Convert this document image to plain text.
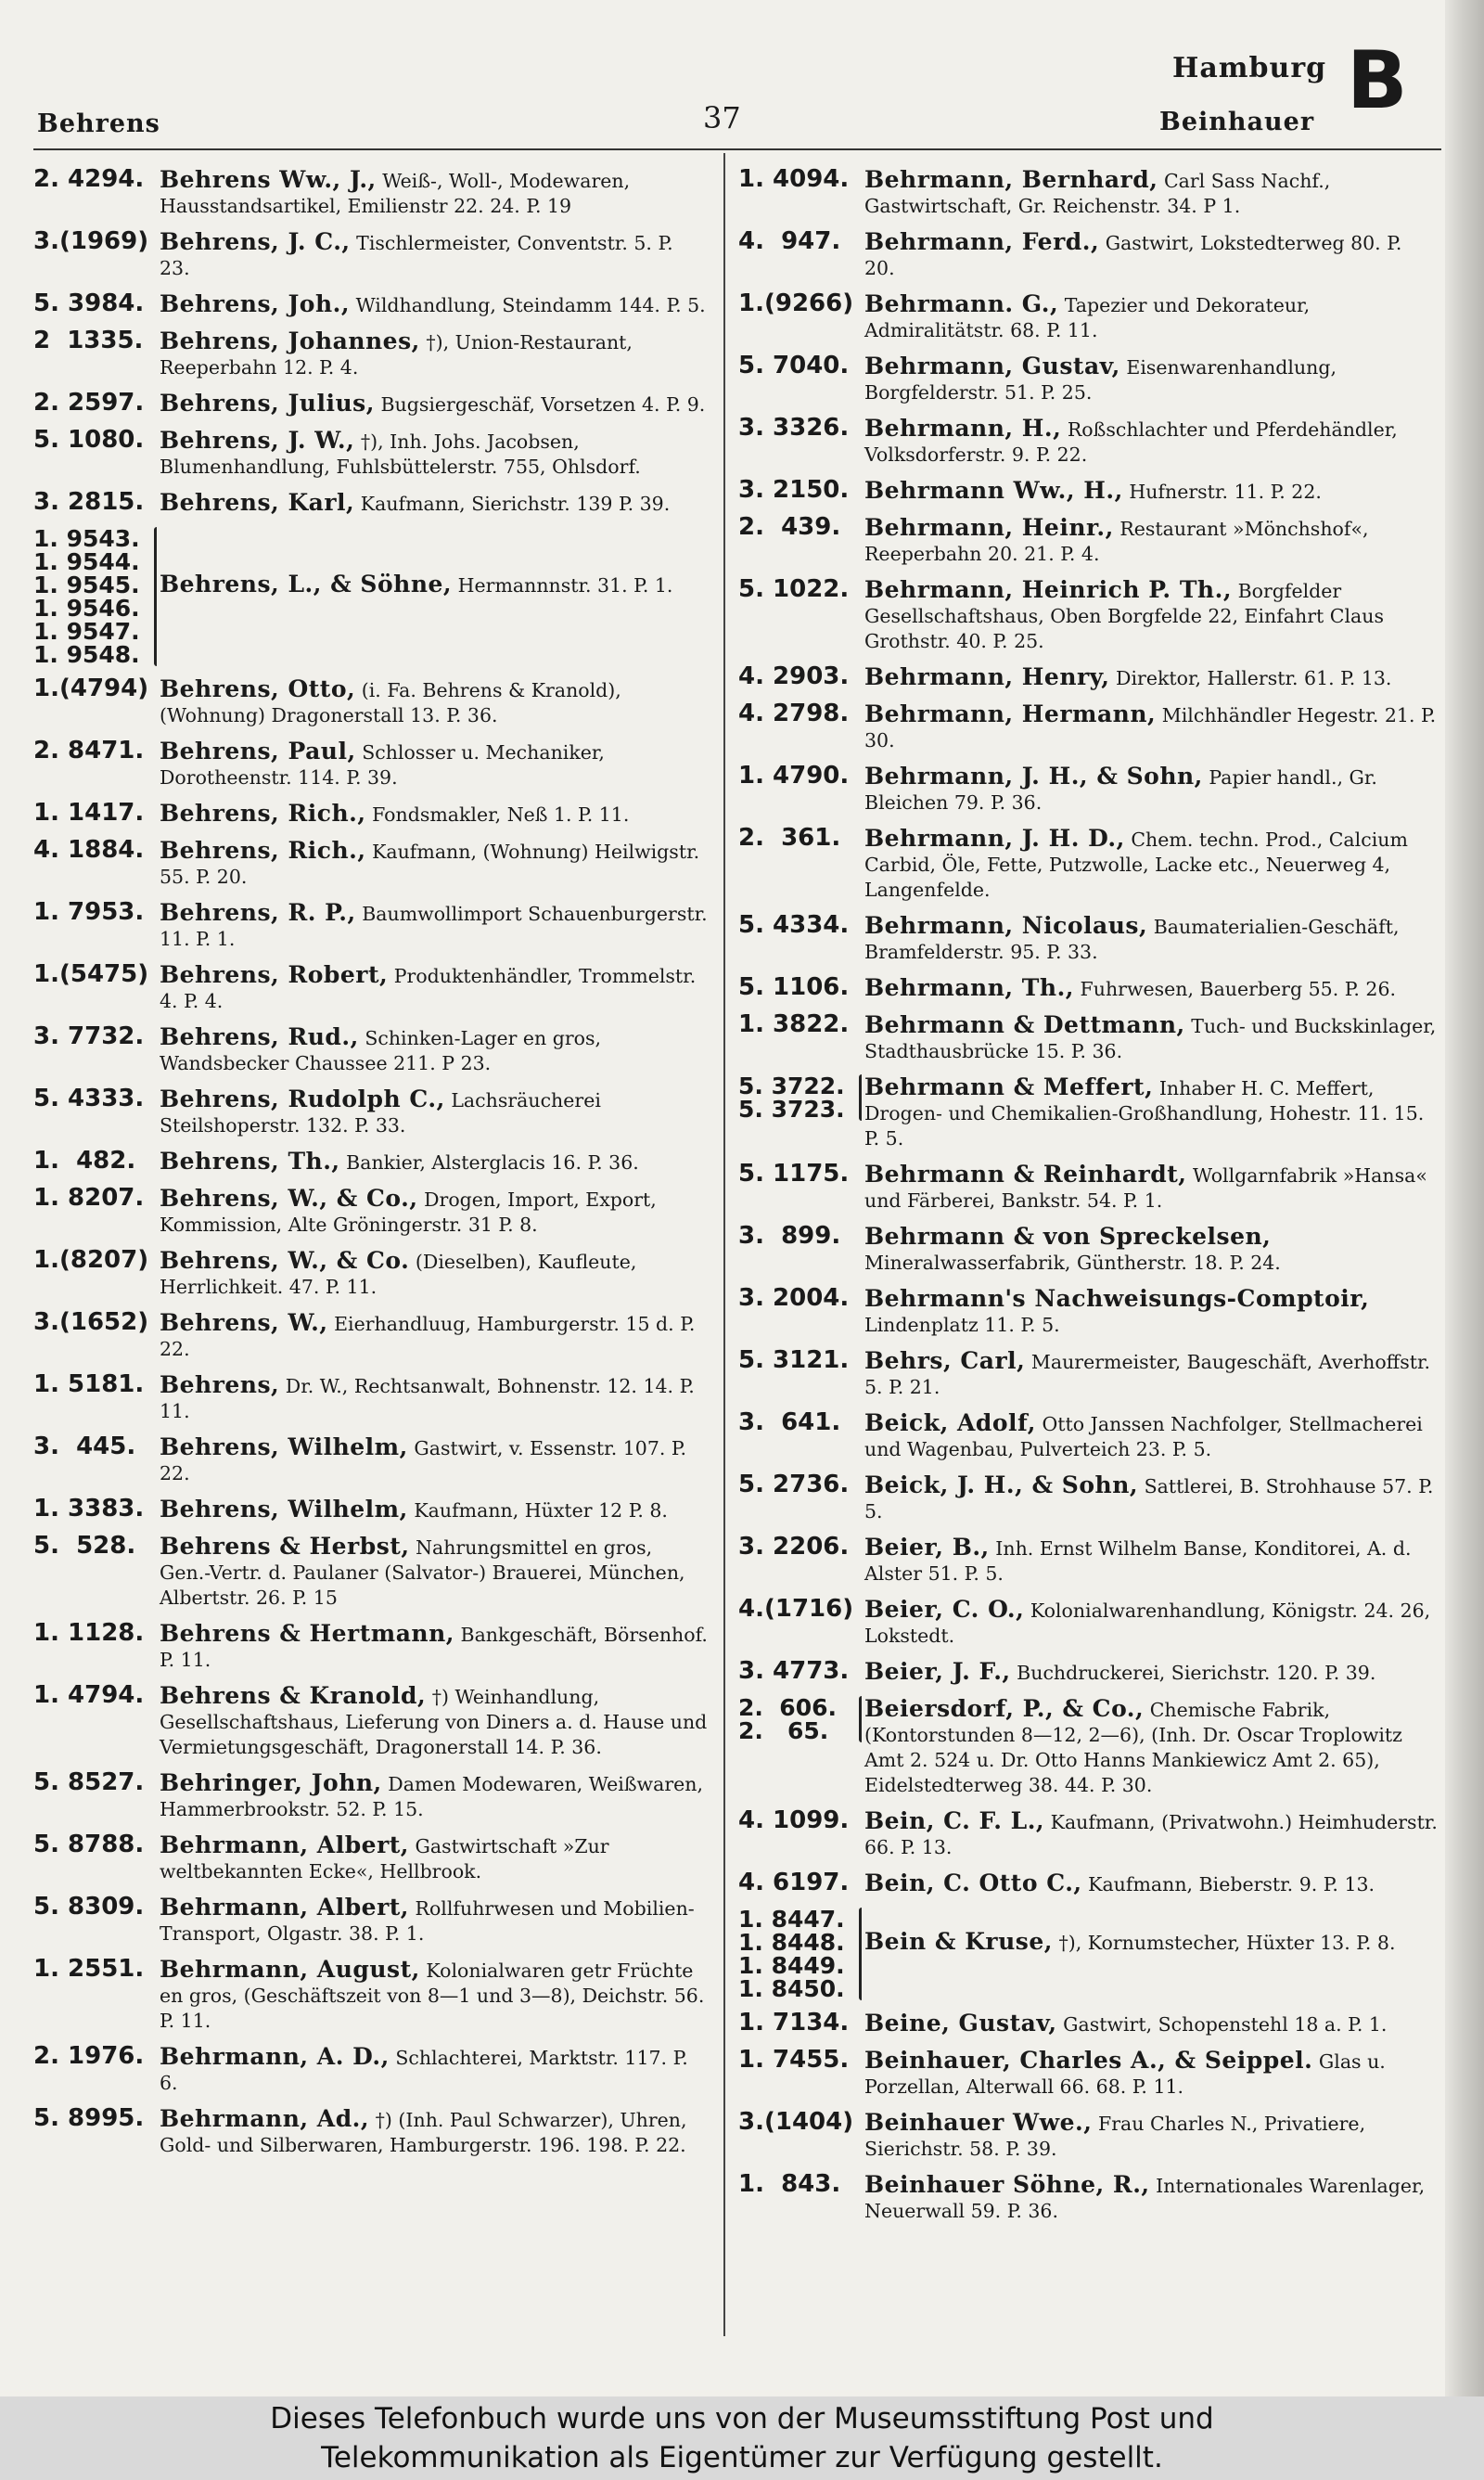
Behrens	37
Hamburg
Beinhauer B
2. 4294. Behrens Ww., J., Weiß-, Woll-, Modewaren, Hausstandsartikel, Emilienstr 22. 24. P. 19
3.(1969) Behrens, J. C., Tischlermeister, Conventstr. 5. P. 23.
5. 3984. Behrens, Joh., Wildhandlung, Steindamm 144. P. 5.
2  1335. Behrens, Johannes, †), Union-Restaurant, Reeperbahn 12. P. 4.
2. 2597. Behrens, Julius, Bugsiergeschäf, Vorsetzen 4. P. 9.
5. 1080. Behrens, J. W., †), Inh. Johs. Jacobsen, Blumenhandlung, Fuhlsbüttelerstr. 755, Ohlsdorf.
3. 2815. Behrens, Karl, Kaufmann, Sierichstr. 139 P. 39.
1. 9543.
1. 9544.
1. 9545.
1. 9546.
1. 9547.
1. 9548.
Behrens, L., & Söhne, Hermannnstr. 31. P. 1.
1.(4794) Behrens, Otto, (i. Fa. Behrens & Kranold), (Wohnung) Dragonerstall 13. P. 36.
2. 8471. Behrens, Paul, Schlosser u. Mechaniker, Dorotheenstr. 114. P. 39.
1. 1417. Behrens, Rich., Fondsmakler, Neß 1. P. 11.
4. 1884. Behrens, Rich., Kaufmann, (Wohnung) Heilwigstr. 55. P. 20.
1. 7953. Behrens, R. P., Baumwollimport Schauenburgerstr. 11. P. 1.
1.(5475) Behrens, Robert, Produktenhändler, Trommelstr. 4. P. 4.
3. 7732. Behrens, Rud., Schinken-Lager en gros, Wandsbecker Chaussee 211. P 23.
5. 4333. Behrens, Rudolph C., Lachsräucherei Steilshoperstr. 132. P. 33.
1.  482. Behrens, Th., Bankier, Alsterglacis 16. P. 36.
1. 8207. Behrens, W., & Co., Drogen, Import, Export, Kommission, Alte Gröningerstr. 31 P. 8.
1.(8207) Behrens, W., & Co. (Dieselben), Kaufleute, Herrlichkeit. 47. P. 11.
3.(1652) Behrens, W., Eierhandluug, Hamburgerstr. 15 d. P. 22.
1. 5181. Behrens, Dr. W., Rechtsanwalt, Bohnenstr. 12. 14. P. 11.
3.  445. Behrens, Wilhelm, Gastwirt, v. Essenstr. 107. P. 22.
1. 3383. Behrens, Wilhelm, Kaufmann, Hüxter 12 P. 8.
5.  528. Behrens & Herbst, Nahrungsmittel en gros, Gen.-Vertr. d. Paulaner (Salvator-) Brauerei, München, Albertstr. 26. P. 15
1. 1128. Behrens & Hertmann, Bankgeschäft, Börsenhof. P. 11.
1. 4794. Behrens & Kranold, †) Weinhandlung, Gesellschaftshaus, Lieferung von Diners a. d. Hause und Vermietungsgeschäft, Dragonerstall 14. P. 36.
5. 8527. Behringer, John, Damen Modewaren, Weißwaren, Hammerbrookstr. 52. P. 15.
5. 8788. Behrmann, Albert, Gastwirtschaft »Zur weltbekannten Ecke«, Hellbrook.
5. 8309. Behrmann, Albert, Rollfuhrwesen und Mobilien-Transport, Olgastr. 38. P. 1.
1. 2551. Behrmann, August, Kolonialwaren getr Früchte en gros, (Geschäftszeit von 8—1 und 3—8), Deichstr. 56. P. 11.
2. 1976. Behrmann, A. D., Schlachterei, Marktstr. 117. P. 6.
5. 8995. Behrmann, Ad., †) (Inh. Paul Schwarzer), Uhren, Gold- und Silberwaren, Hamburgerstr. 196. 198. P. 22.
1. 4094. Behrmann, Bernhard, Carl Sass Nachf., Gastwirtschaft, Gr. Reichenstr. 34. P 1.
4.  947. Behrmann, Ferd., Gastwirt, Lokstedterweg 80. P. 20.
1.(9266) Behrmann. G., Tapezier und Dekorateur, Admiralitätstr. 68. P. 11.
5. 7040. Behrmann, Gustav, Eisenwarenhandlung, Borgfelderstr. 51. P. 25.
3. 3326. Behrmann, H., Roßschlachter und Pferdehändler, Volksdorferstr. 9. P. 22.
3. 2150. Behrmann Ww., H., Hufnerstr. 11. P. 22.
2.  439. Behrmann, Heinr., Restaurant »Mönchshof«, Reeperbahn 20. 21. P. 4.
5. 1022. Behrmann, Heinrich P. Th., Borgfelder Gesellschaftshaus, Oben Borgfelde 22, Einfahrt Claus Grothstr. 40. P. 25.
4. 2903. Behrmann, Henry, Direktor, Hallerstr. 61. P. 13.
4. 2798. Behrmann, Hermann, Milchhändler Hegestr. 21. P. 30.
1. 4790. Behrmann, J. H., & Sohn, Papier handl., Gr. Bleichen 79. P. 36.
2.  361. Behrmann, J. H. D., Chem. techn. Prod., Calcium Carbid, Öle, Fette, Putzwolle, Lacke etc., Neuerweg 4, Langenfelde.
5. 4334. Behrmann, Nicolaus, Baumaterialien-Geschäft, Bramfelderstr. 95. P. 33.
5. 1106. Behrmann, Th., Fuhrwesen, Bauerberg 55. P. 26.
1. 3822. Behrmann & Dettmann, Tuch- und Buckskinlager, Stadthausbrücke 15. P. 36.
5. 3722.
5. 3723.
Behrmann & Meffert, Inhaber H. C. Meffert, Drogen- und Chemikalien-Großhandlung, Hohestr. 11. 15. P. 5.
5. 1175. Behrmann & Reinhardt, Wollgarnfabrik »Hansa« und Färberei, Bankstr. 54. P. 1.
3.  899. Behrmann & von Spreckelsen, Mineralwasserfabrik, Güntherstr. 18. P. 24.
3. 2004. Behrmann's Nachweisungs-Comptoir, Lindenplatz 11. P. 5.
5. 3121. Behrs, Carl, Maurermeister, Baugeschäft, Averhoffstr. 5. P. 21.
3.  641. Beick, Adolf, Otto Janssen Nachfolger, Stellmacherei und Wagenbau, Pulverteich 23. P. 5.
5. 2736. Beick, J. H., & Sohn, Sattlerei, B. Strohhause 57. P. 5.
3. 2206. Beier, B., Inh. Ernst Wilhelm Banse, Konditorei, A. d. Alster 51. P. 5.
4.(1716) Beier, C. O., Kolonialwarenhandlung, Königstr. 24. 26, Lokstedt.
3. 4773. Beier, J. F., Buchdruckerei, Sierichstr. 120. P. 39.
2.  606.
2.   65.
Beiersdorf, P., & Co., Chemische Fabrik, (Kontorstunden 8—12, 2—6), (Inh. Dr. Oscar Troplowitz Amt 2. 524 u. Dr. Otto Hanns Mankiewicz Amt 2. 65), Eidelstedterweg 38. 44. P. 30.
4. 1099. Bein, C. F. L., Kaufmann, (Privatwohn.) Heimhuderstr. 66. P. 13.
4. 6197. Bein, C. Otto C., Kaufmann, Bieberstr. 9. P. 13.
1. 8447.
1. 8448.
1. 8449.
1. 8450.
Bein & Kruse, †), Kornumstecher, Hüxter 13. P. 8.
1. 7134. Beine, Gustav, Gastwirt, Schopenstehl 18 a. P. 1.
1. 7455. Beinhauer, Charles A., & Seippel. Glas u. Porzellan, Alterwall 66. 68. P. 11.
3.(1404) Beinhauer Wwe., Frau Charles N., Privatiere, Sierichstr. 58. P. 39.
1.  843. Beinhauer Söhne, R., Internationales Warenlager, Neuerwall 59. P. 36.
Dieses Telefonbuch wurde uns von der Museumsstiftung Post und
Telekommunikation als Eigentümer zur Verfügung gestellt.
